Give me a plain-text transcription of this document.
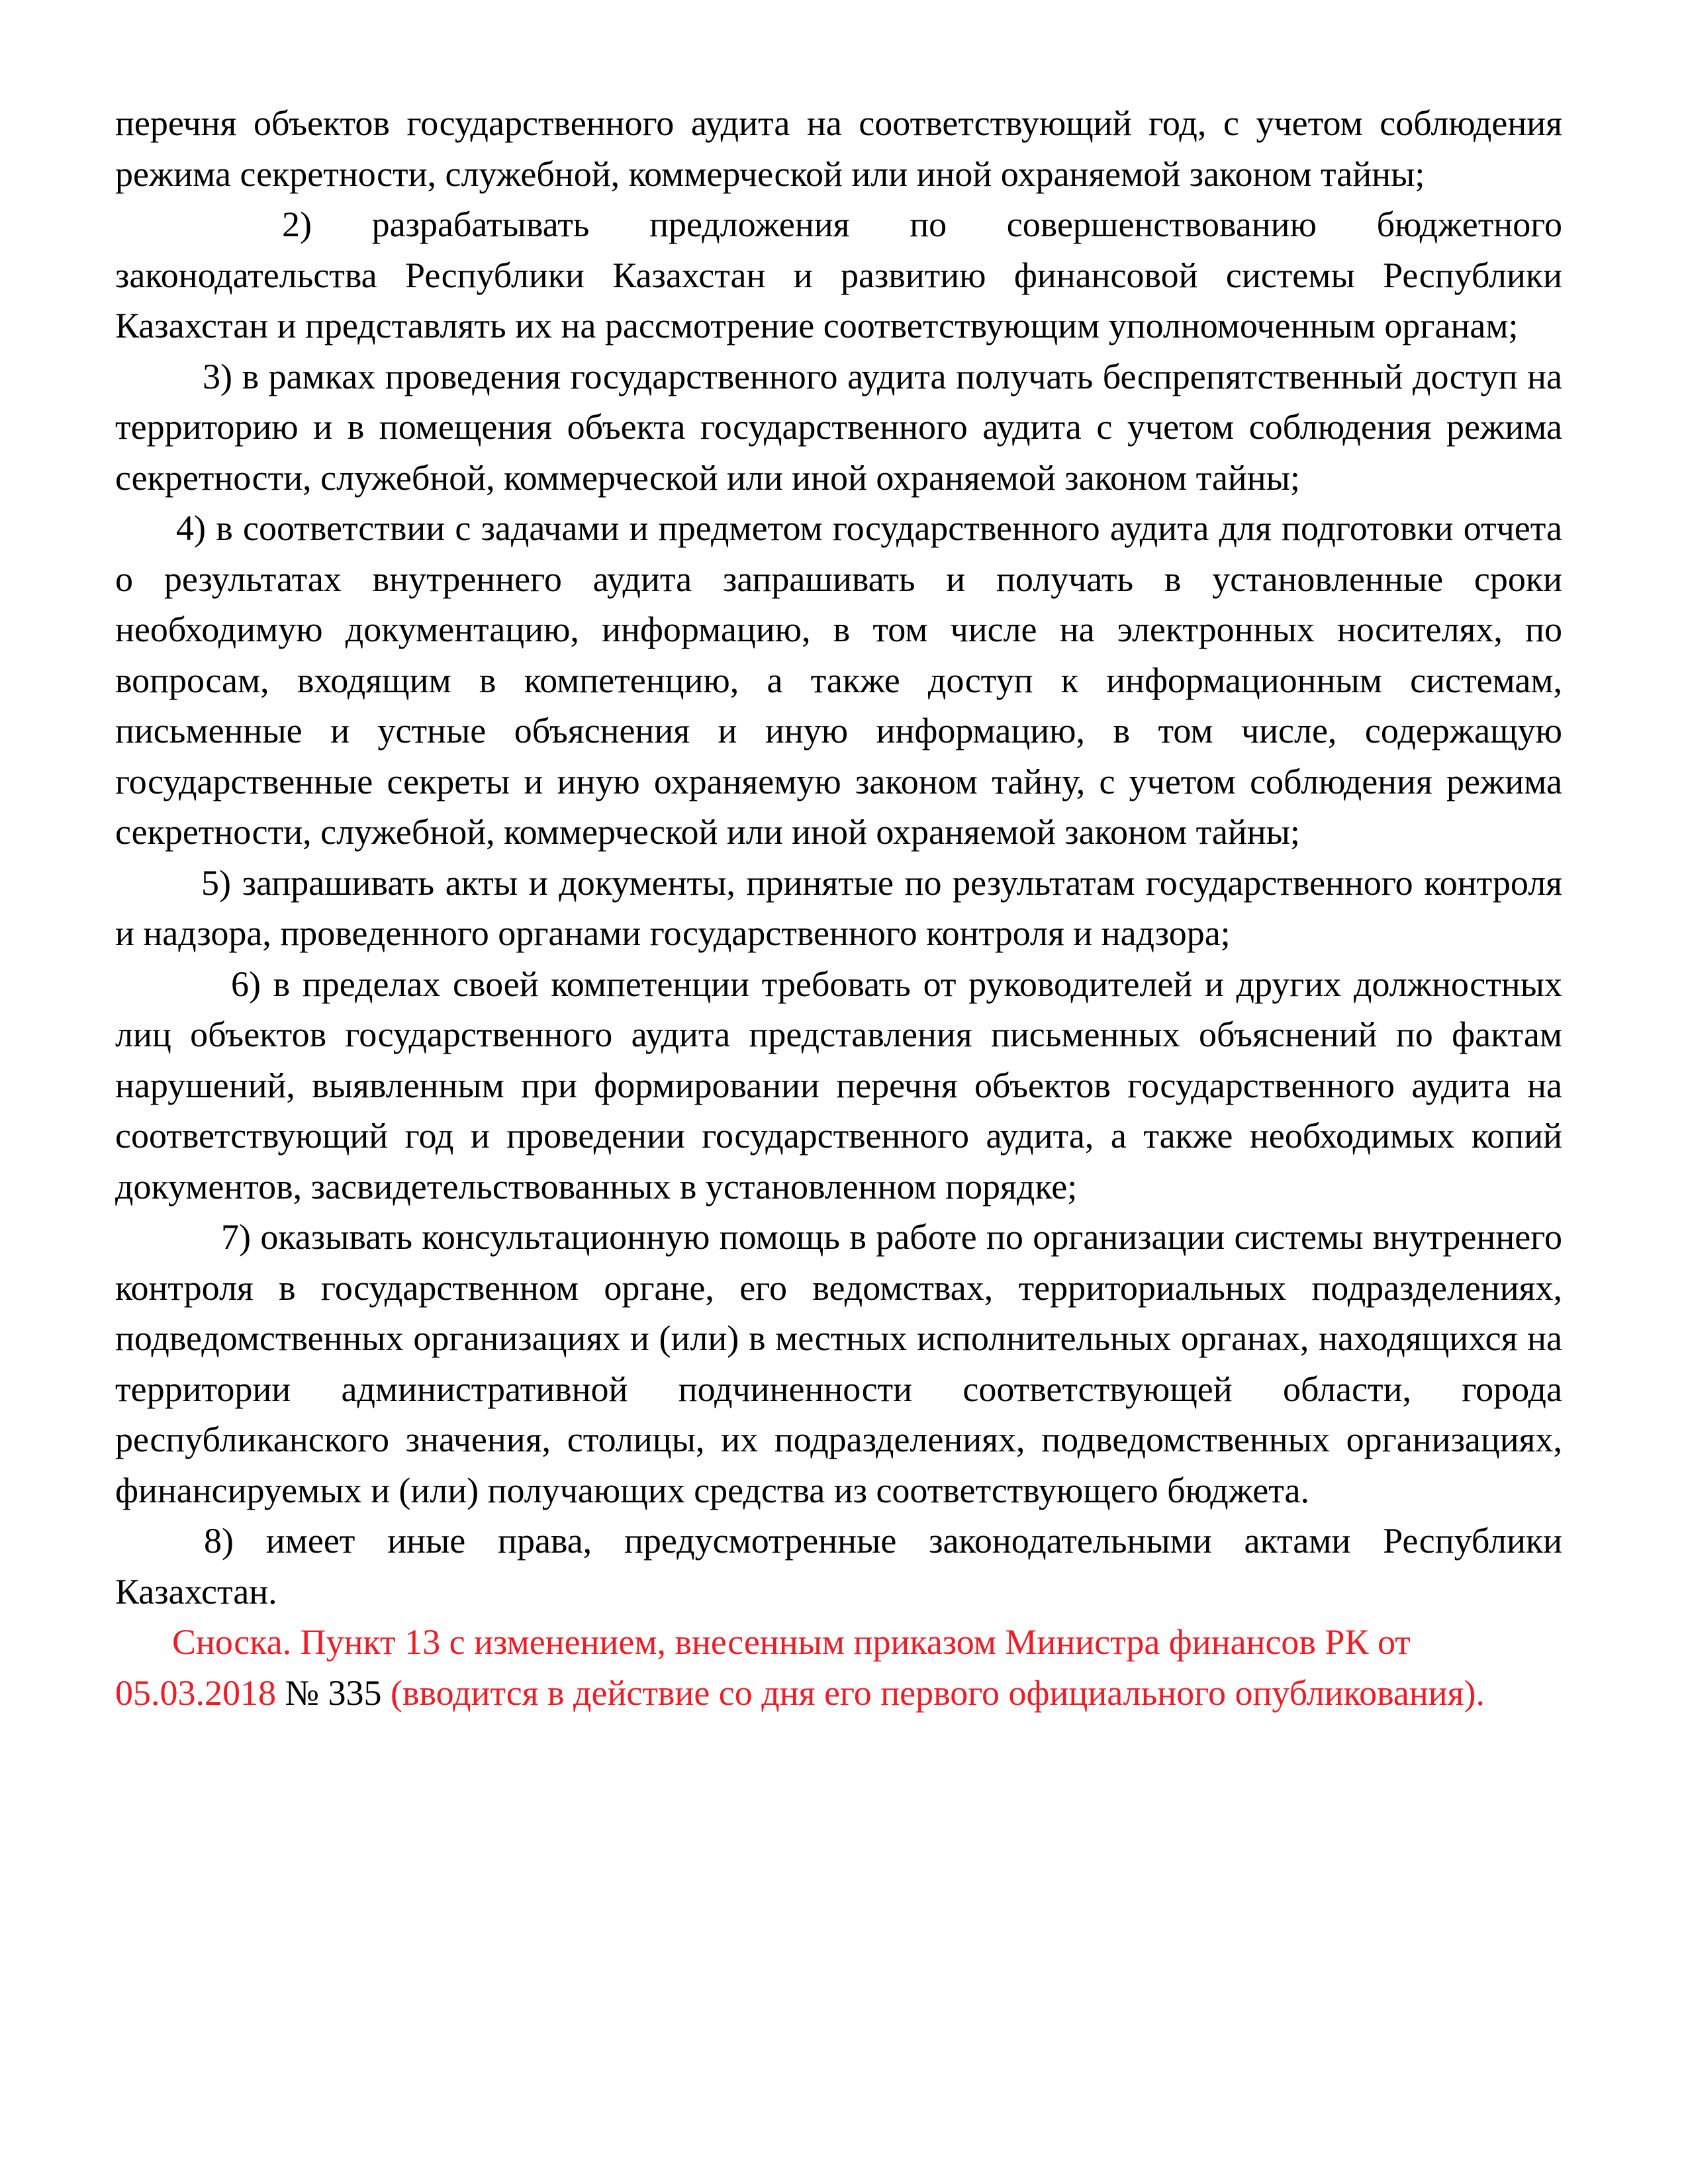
перечня объектов государственного аудита на соответствующий год, с учетом соблюдения режима секретности, служебной, коммерческой или иной охраняемой законом тайны;

2) разрабатывать предложения по совершенствованию бюджетного законодательства Республики Казахстан и развитию финансовой системы Республики Казахстан и представлять их на рассмотрение соответствующим уполномоченным органам;

3) в рамках проведения государственного аудита получать беспрепятственный доступ на территорию и в помещения объекта государственного аудита с учетом соблюдения режима секретности, служебной, коммерческой или иной охраняемой законом тайны;

4) в соответствии с задачами и предметом государственного аудита для подготовки отчета о результатах внутреннего аудита запрашивать и получать в установленные сроки необходимую документацию, информацию, в том числе на электронных носителях, по вопросам, входящим в компетенцию, а также доступ к информационным системам, письменные и устные объяснения и иную информацию, в том числе, содержащую государственные секреты и иную охраняемую законом тайну, с учетом соблюдения режима секретности, служебной, коммерческой или иной охраняемой законом тайны;

5) запрашивать акты и документы, принятые по результатам государственного контроля и надзора, проведенного органами государственного контроля и надзора;

6) в пределах своей компетенции требовать от руководителей и других должностных лиц объектов государственного аудита представления письменных объяснений по фактам нарушений, выявленным при формировании перечня объектов государственного аудита на соответствующий год и проведении государственного аудита, а также необходимых копий документов, засвидетельствованных в установленном порядке;

7) оказывать консультационную помощь в работе по организации системы внутреннего контроля в государственном органе, его ведомствах, территориальных подразделениях, подведомственных организациях и (или) в местных исполнительных органах, находящихся на территории административной подчиненности соответствующей области, города республиканского значения, столицы, их подразделениях, подведомственных организациях, финансируемых и (или) получающих средства из соответствующего бюджета.

8) имеет иные права, предусмотренные законодательными актами Республики Казахстан.

Сноска. Пункт 13 с изменением, внесенным приказом Министра финансов РК от 05.03.2018 № 335 (вводится в действие со дня его первого официального опубликования).
